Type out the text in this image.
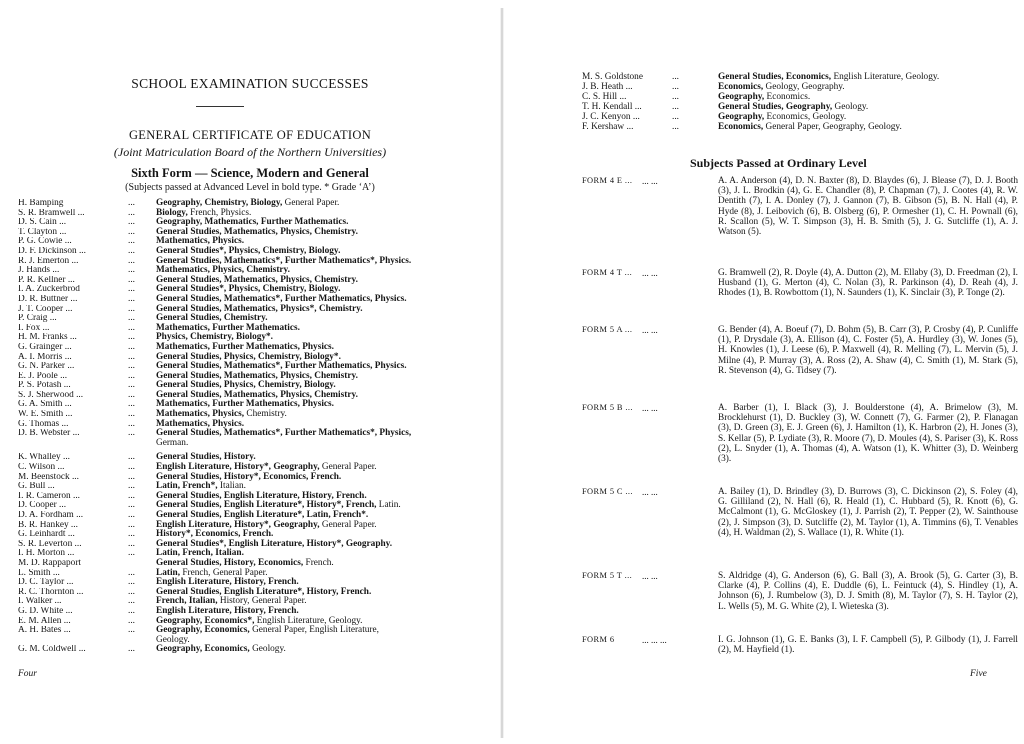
SCHOOL EXAMINATION SUCCESSES
GENERAL CERTIFICATE OF EDUCATION
(Joint Matriculation Board of the Northern Universities)
Sixth Form — Science, Modern and General
(Subjects passed at Advanced Level in bold type. * Grade ‘A’)
H. Bamping	...	Geography, Chemistry, Biology, General Paper.
S. R. Bramwell ...	...	Biology, French, Physics.
D. S. Cain ...	...	Geography, Mathematics, Further Mathematics.
T. Clayton ...	...	General Studies, Mathematics, Physics, Chemistry.
P. G. Cowie ...	...	Mathematics, Physics.
D. F. Dickinson ...	...	General Studies*, Physics, Chemistry, Biology.
R. J. Emerton ...	...	General Studies, Mathematics*, Further Mathematics*, Physics.
J. Hands ...	...	Mathematics, Physics, Chemistry.
P. R. Kellner ...	...	General Studies, Mathematics, Physics, Chemistry.
I. A. Zuckerbrod	...	General Studies*, Physics, Chemistry, Biology.
D. R. Buttner ...	...	General Studies, Mathematics*, Further Mathematics, Physics.
J. T. Cooper ...	...	General Studies, Mathematics, Physics*, Chemistry.
P. Craig ...	...	General Studies, Chemistry.
I. Fox ...	...	Mathematics, Further Mathematics.
H. M. Franks ...	...	Physics, Chemistry, Biology*.
G. Grainger ...	...	Mathematics, Further Mathematics, Physics.
A. I. Morris ...	...	General Studies, Physics, Chemistry, Biology*.
G. N. Parker ...	...	General Studies, Mathematics*, Further Mathematics, Physics.
E. J. Poole ...	...	General Studies, Mathematics, Physics, Chemistry.
P. S. Potash ...	...	General Studies, Physics, Chemistry, Biology.
S. J. Sherwood ...	...	General Studies, Mathematics, Physics, Chemistry.
G. A. Smith ...	...	Mathematics, Further Mathematics, Physics.
W. E. Smith ...	...	Mathematics, Physics, Chemistry.
G. Thomas ...	...	Mathematics, Physics.
D. B. Webster ...	...	General Studies, Mathematics*, Further Mathematics*, Physics,
German.
K. Whalley ...	...	General Studies, History.
C. Wilson ...	...	English Literature, History*, Geography, General Paper.
M. Beenstock ...	...	General Studies, History*, Economics, French.
G. Bull ...	...	Latin, French*, Italian.
I. R. Cameron ...	...	General Studies, English Literature, History, French.
D. Cooper ...	...	General Studies, English Literature*, History*, French, Latin.
D. A. Fordham ...	...	General Studies, English Literature*, Latin, French*.
B. R. Hankey ...	...	English Literature, History*, Geography, General Paper.
G. Leinhardt ...	...	History*, Economics, French.
S. R. Leverton ...	...	General Studies*, English Literature, History*, Geography.
I. H. Morton ...	...	Latin, French, Italian.
M. D. Rappaport	General Studies, History, Economics, French.
L. Smith ...	...	Latin, French, General Paper.
D. C. Taylor ...	...	English Literature, History, French.
R. C. Thornton ...	...	General Studies, English Literature*, History, French.
I. Walker ...	...	French, Italian, History, General Paper.
G. D. White ...	...	English Literature, History, French.
E. M. Allen ...	...	Geography, Economics*, English Literature, Geology.
A. H. Bates ...	...	Geography, Economics, General Paper, English Literature,
Geology.
G. M. Coldwell ...	...	Geography, Economics, Geology.
Four
M. S. Goldstone	...	General Studies, Economics, English Literature, Geology.
J. B. Heath ...	...	Economics, Geology, Geography.
C. S. Hill ...	...	Geography, Economics.
T. H. Kendall ...	...	General Studies, Geography, Geology.
J. C. Kenyon ...	...	Geography, Economics, Geology.
F. Kershaw ...	...	Economics, General Paper, Geography, Geology.
Subjects Passed at Ordinary Level
FORM 4 E ...	... ...	A. A. Anderson (4), D. N. Baxter (8), D. Blaydes (6), J. Blease (7), D. J. Booth (3), J. L. Brodkin (4), G. E. Chandler (8), P. Chapman (7), J. Cootes (4), R. W. Dentith (7), I. A. Donley (7), J. Gannon (7), B. Gibson (5), B. N. Hall (4), P. Hyde (8), J. Leibovich (6), B. Olsberg (6), P. Ormesher (1), C. H. Pownall (6), R. Scallon (5), W. T. Simpson (3), H. B. Smith (5), J. G. Sutcliffe (1), A. J. Watson (5).
FORM 4 T ...	... ...	G. Bramwell (2), R. Doyle (4), A. Dutton (2), M. Ellaby (3), D. Freedman (2), I. Husband (1), G. Merton (4), C. Nolan (3), R. Parkinson (4), D. Reah (4), J. Rhodes (1), B. Rowbottom (1), N. Saunders (1), K. Sinclair (3), P. Tonge (2).
FORM 5 A ...	... ...	G. Bender (4), A. Boeuf (7), D. Bohm (5), B. Carr (3), P. Crosby (4), P. Cunliffe (1), P. Drysdale (3), A. Ellison (4), C. Foster (5), A. Hurdley (3), W. Jones (5), H. Knowles (1), J. Leese (6), P. Maxwell (4), R. Melling (7), L. Mervin (5), J. Milne (4), P. Murray (3), A. Ross (2), A. Shaw (4), C. Smith (1), M. Stark (5), R. Stevenson (4), G. Tidsey (7).
FORM 5 B ...	... ...	A. Barber (1), I. Black (3), J. Boulderstone (4), A. Brimelow (3), M. Brocklehurst (1), D. Buckley (3), W. Connett (7), G. Farmer (2), P. Flanagan (3), D. Green (3), E. J. Green (6), J. Hamilton (1), K. Harbron (2), H. Jones (3), S. Kellar (5), P. Lydiate (3), R. Moore (7), D. Moules (4), S. Pariser (3), K. Ross (2), L. Snyder (1), A. Thomas (4), A. Watson (1), K. Whitter (3), D. Weinberg (3).
FORM 5 C ...	... ...	A. Bailey (1), D. Brindley (3), D. Burrows (3), C. Dickinson (2), S. Foley (4), G. Gilliland (2), N. Hall (6), R. Heald (1), C. Hubbard (5), R. Knott (6), G. McCalmont (1), G. McGloskey (1), J. Parrish (2), T. Pepper (2), W. Sainthouse (2), J. Simpson (3), D. Sutcliffe (2), M. Taylor (1), A. Timmins (6), T. Venables (4), H. Waldman (2), S. Wallace (1), R. White (1).
FORM 5 T ...	... ...	S. Aldridge (4), G. Anderson (6), G. Ball (3), A. Brook (5), G. Carter (3), B. Clarke (4), P. Collins (4), E. Duddle (6), L. Feintuck (4), S. Hindley (1), A. Johnson (6), J. Rumbelow (3), D. J. Smith (8), M. Taylor (7), S. H. Taylor (2), L. Wells (5), M. G. White (2), I. Wieteska (3).
FORM 6	... ... ...	I. G. Johnson (1), G. E. Banks (3), I. F. Campbell (5), P. Gilbody (1), J. Farrell (2), M. Hayfield (1).
Five
